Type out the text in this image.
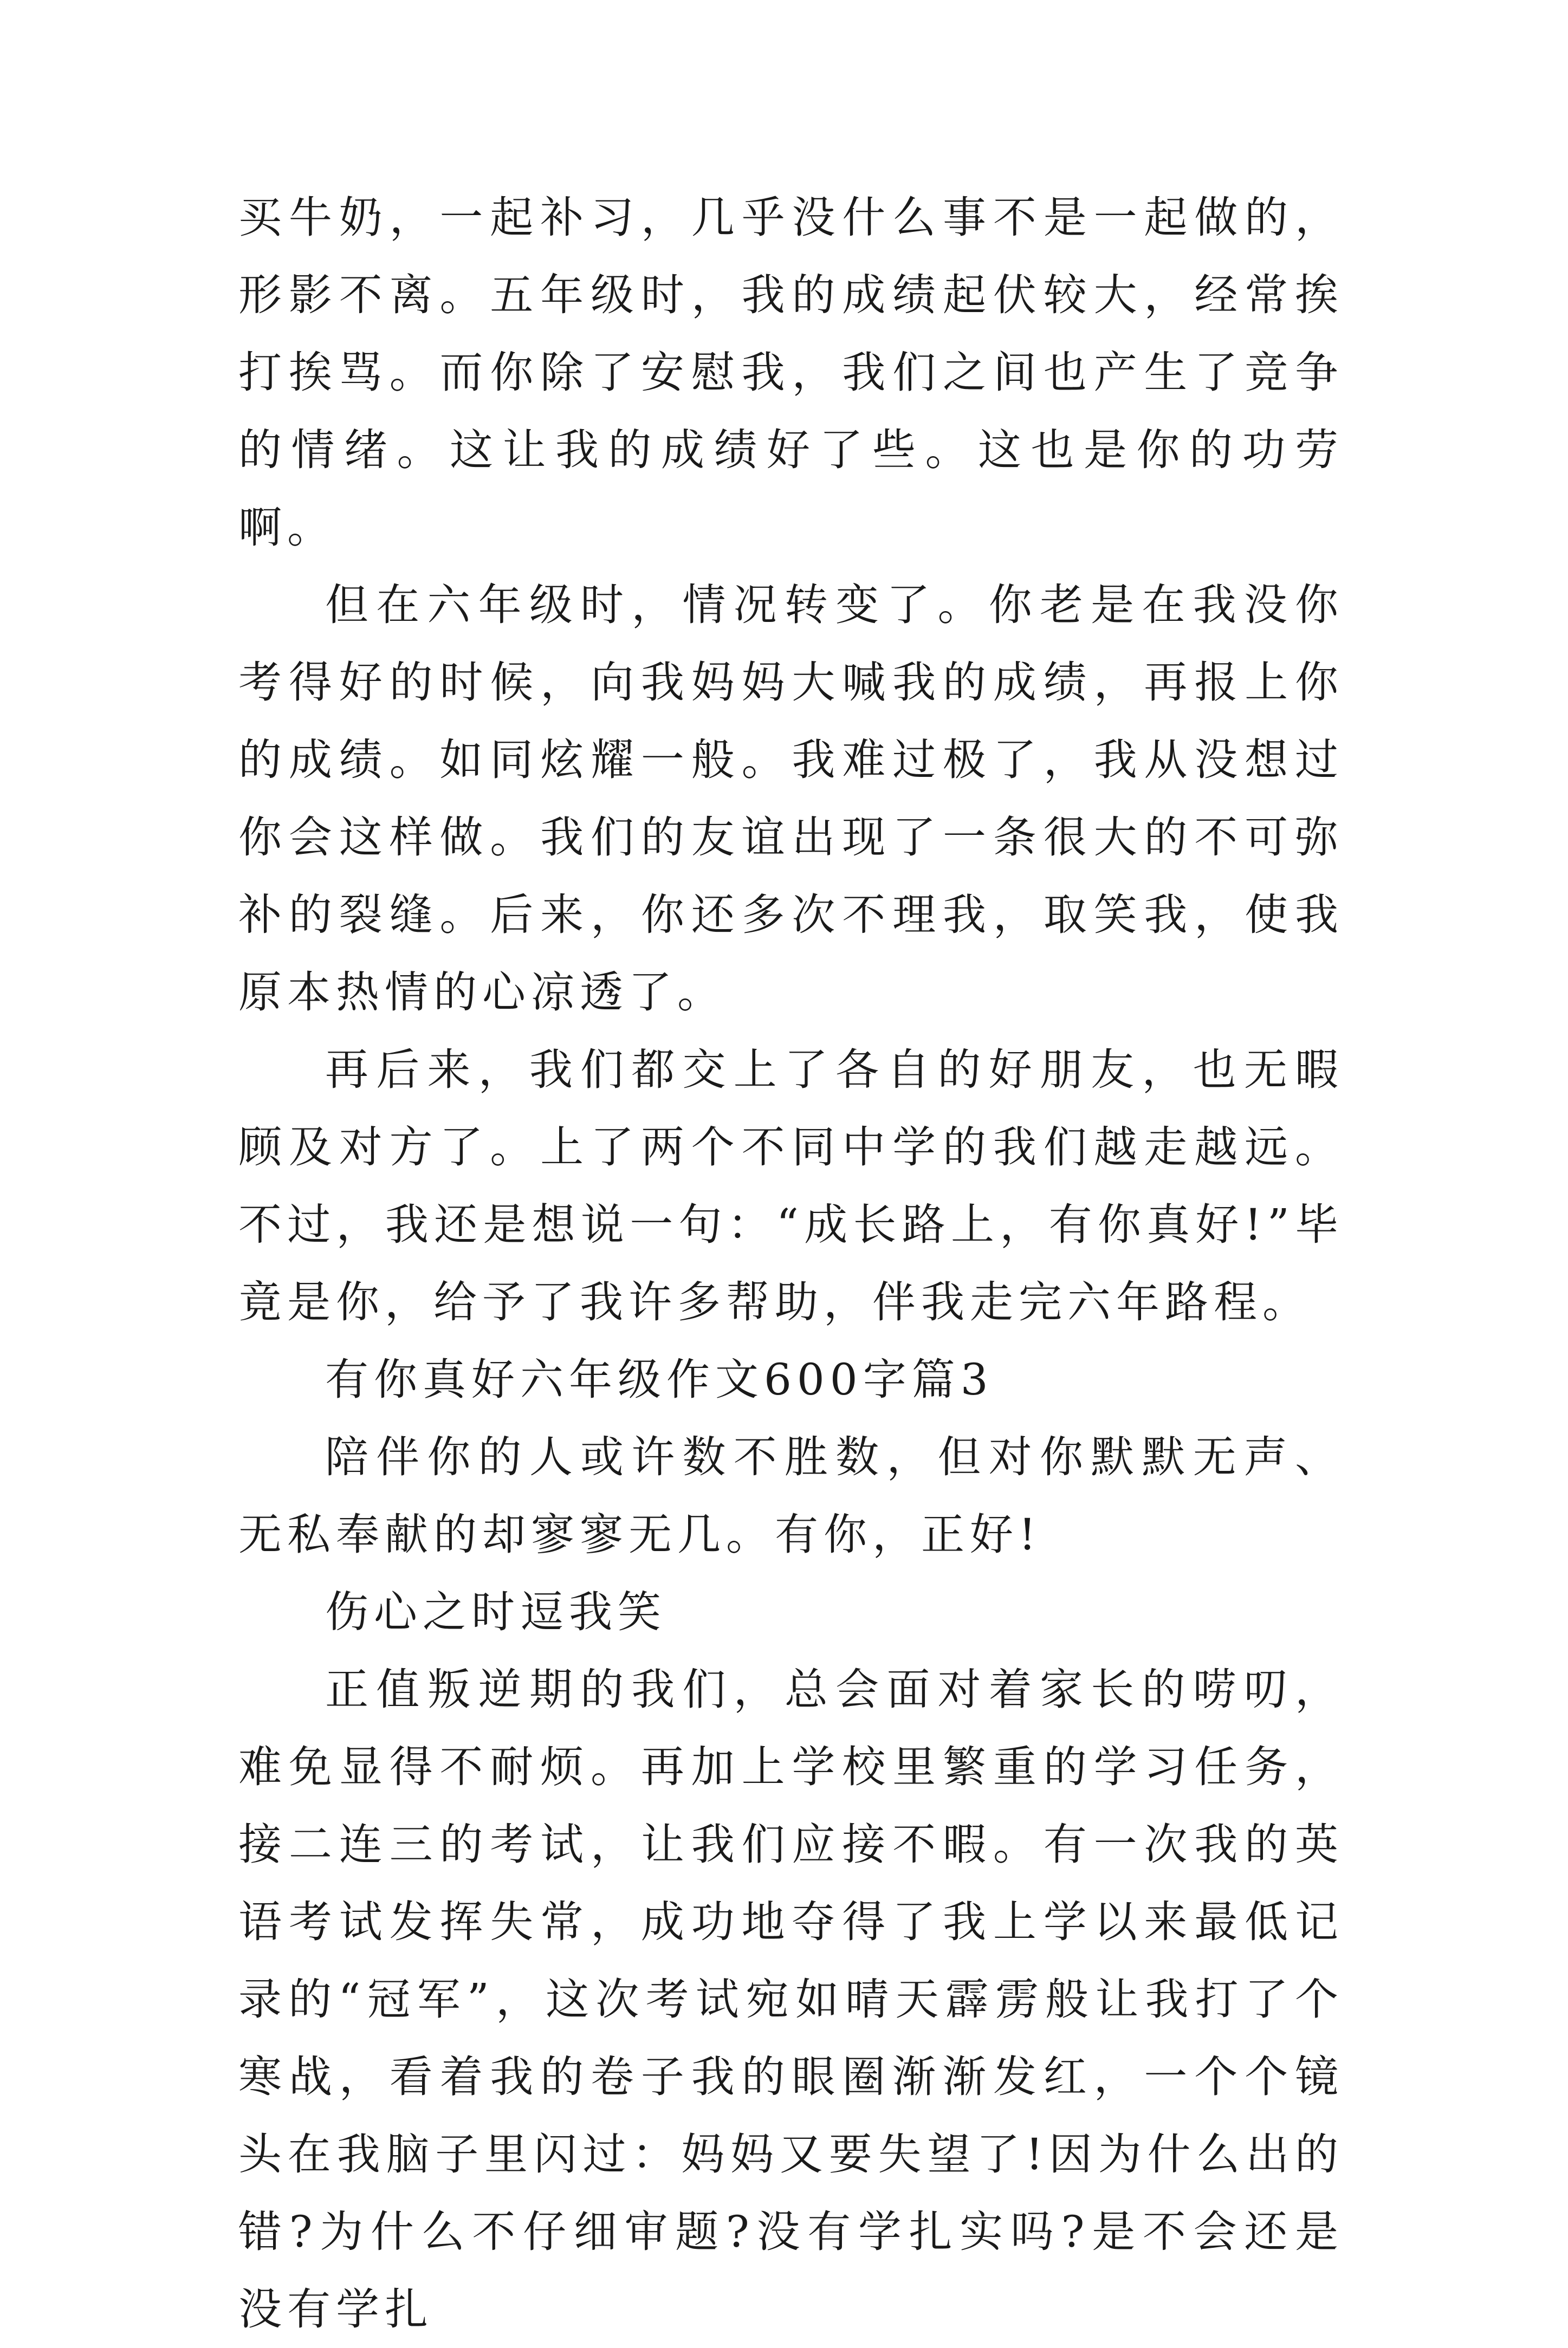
买牛奶，一起补习，几乎没什么事不是一起做的，形影不离。五年级时，我的成绩起伏较大，经常挨打挨骂。而你除了安慰我，我们之间也产生了竞争的情绪。这让我的成绩好了些。这也是你的功劳啊。

但在六年级时，情况转变了。你老是在我没你考得好的时候，向我妈妈大喊我的成绩，再报上你的成绩。如同炫耀一般。我难过极了，我从没想过你会这样做。我们的友谊出现了一条很大的不可弥补的裂缝。后来，你还多次不理我，取笑我，使我原本热情的心凉透了。

再后来，我们都交上了各自的好朋友，也无暇顾及对方了。上了两个不同中学的我们越走越远。不过，我还是想说一句：“成长路上，有你真好!”毕竟是你，给予了我许多帮助，伴我走完六年路程。

有你真好六年级作文600字篇3

陪伴你的人或许数不胜数，但对你默默无声、无私奉献的却寥寥无几。有你，正好!

伤心之时逗我笑

正值叛逆期的我们，总会面对着家长的唠叨，难免显得不耐烦。再加上学校里繁重的学习任务，接二连三的考试，让我们应接不暇。有一次我的英语考试发挥失常，成功地夺得了我上学以来最低记录的“冠军”，这次考试宛如晴天霹雳般让我打了个寒战，看着我的卷子我的眼圈渐渐发红，一个个镜头在我脑子里闪过：妈妈又要失望了!因为什么出的错?为什么不仔细审题?没有学扎实吗?是不会还是没有学扎
